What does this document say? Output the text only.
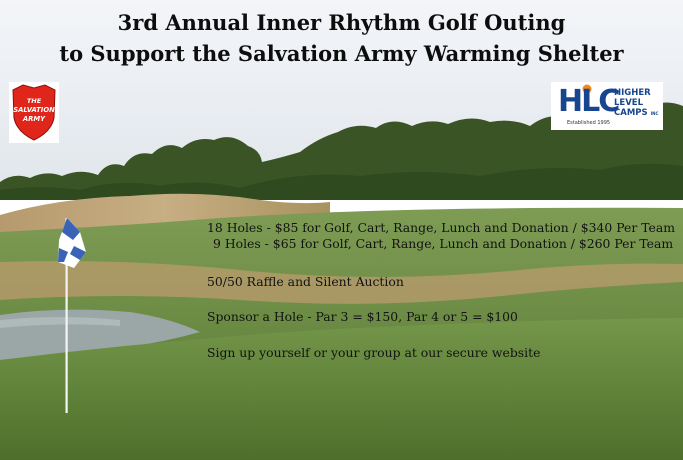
3rd Annual Inner Rhythm Golf Outing
to Support the Salvation Army Warming Shelter
THE
SALVATION
ARMY	HLC
HIGHER
LEVEL
CAMPS INC
Established 1995
18 Holes - $85 for Golf, Cart, Range, Lunch and Donation / $340 Per Team
9 Holes - $65 for Golf, Cart, Range, Lunch and Donation / $260 Per Team
50/50 Raffle and Silent Auction
Sponsor a Hole - Par 3 = $150, Par 4 or 5 = $100
Sign up yourself or your group at our secure website
